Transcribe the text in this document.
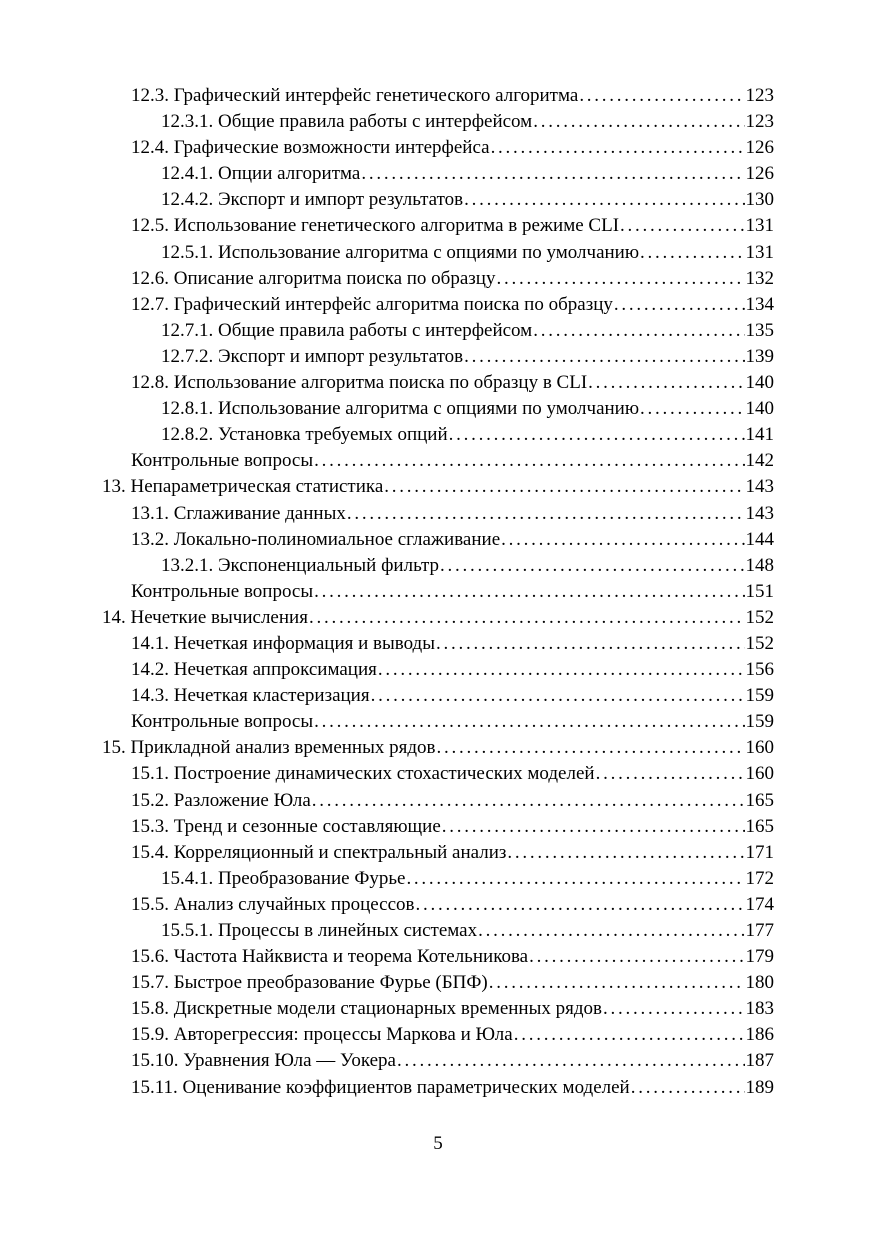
12.3. Графический интерфейс генетического алгоритма . . .	123
12.3.1. Общие правила работы с интерфейсом . . .	123
12.4. Графические возможности интерфейса . . .	126
12.4.1. Опции алгоритма . . .	126
12.4.2. Экспорт и импорт результатов . . .	130
12.5. Использование генетического алгоритма в режиме CLI . . .	131
12.5.1. Использование алгоритма с опциями по умолчанию . . .	131
12.6. Описание алгоритма поиска по образцу . . .	132
12.7. Графический интерфейс алгоритма поиска по образцу . . .	134
12.7.1. Общие правила работы с интерфейсом . . .	135
12.7.2. Экспорт и импорт результатов . . .	139
12.8. Использование алгоритма поиска по образцу в CLI . . .	140
12.8.1. Использование алгоритма с опциями по умолчанию . . .	140
12.8.2. Установка требуемых опций . . .	141
Контрольные вопросы . . .	142
13. Непараметрическая статистика . . .	143
13.1. Сглаживание данных . . .	143
13.2. Локально-полиномиальное сглаживание . . .	144
13.2.1. Экспоненциальный фильтр . . .	148
Контрольные вопросы . . .	151
14. Нечеткие вычисления . . .	152
14.1. Нечеткая информация и выводы . . .	152
14.2. Нечеткая аппроксимация . . .	156
14.3. Нечеткая кластеризация . . .	159
Контрольные вопросы . . .	159
15. Прикладной анализ временных рядов . . .	160
15.1. Построение динамических стохастических моделей . . .	160
15.2. Разложение Юла . . .	165
15.3. Тренд и сезонные составляющие . . .	165
15.4. Корреляционный и спектральный анализ . . .	171
15.4.1. Преобразование Фурье . . .	172
15.5. Анализ случайных процессов . . .	174
15.5.1. Процессы в линейных системах . . .	177
15.6. Частота Найквиста и теорема Котельникова . . .	179
15.7. Быстрое преобразование Фурье (БПФ) . . .	180
15.8. Дискретные модели стационарных временных рядов . . .	183
15.9. Авторегрессия: процессы Маркова и Юла . . .	186
15.10. Уравнения Юла — Уокера . . .	187
15.11. Оценивание коэффициентов параметрических моделей . . .	189
5
